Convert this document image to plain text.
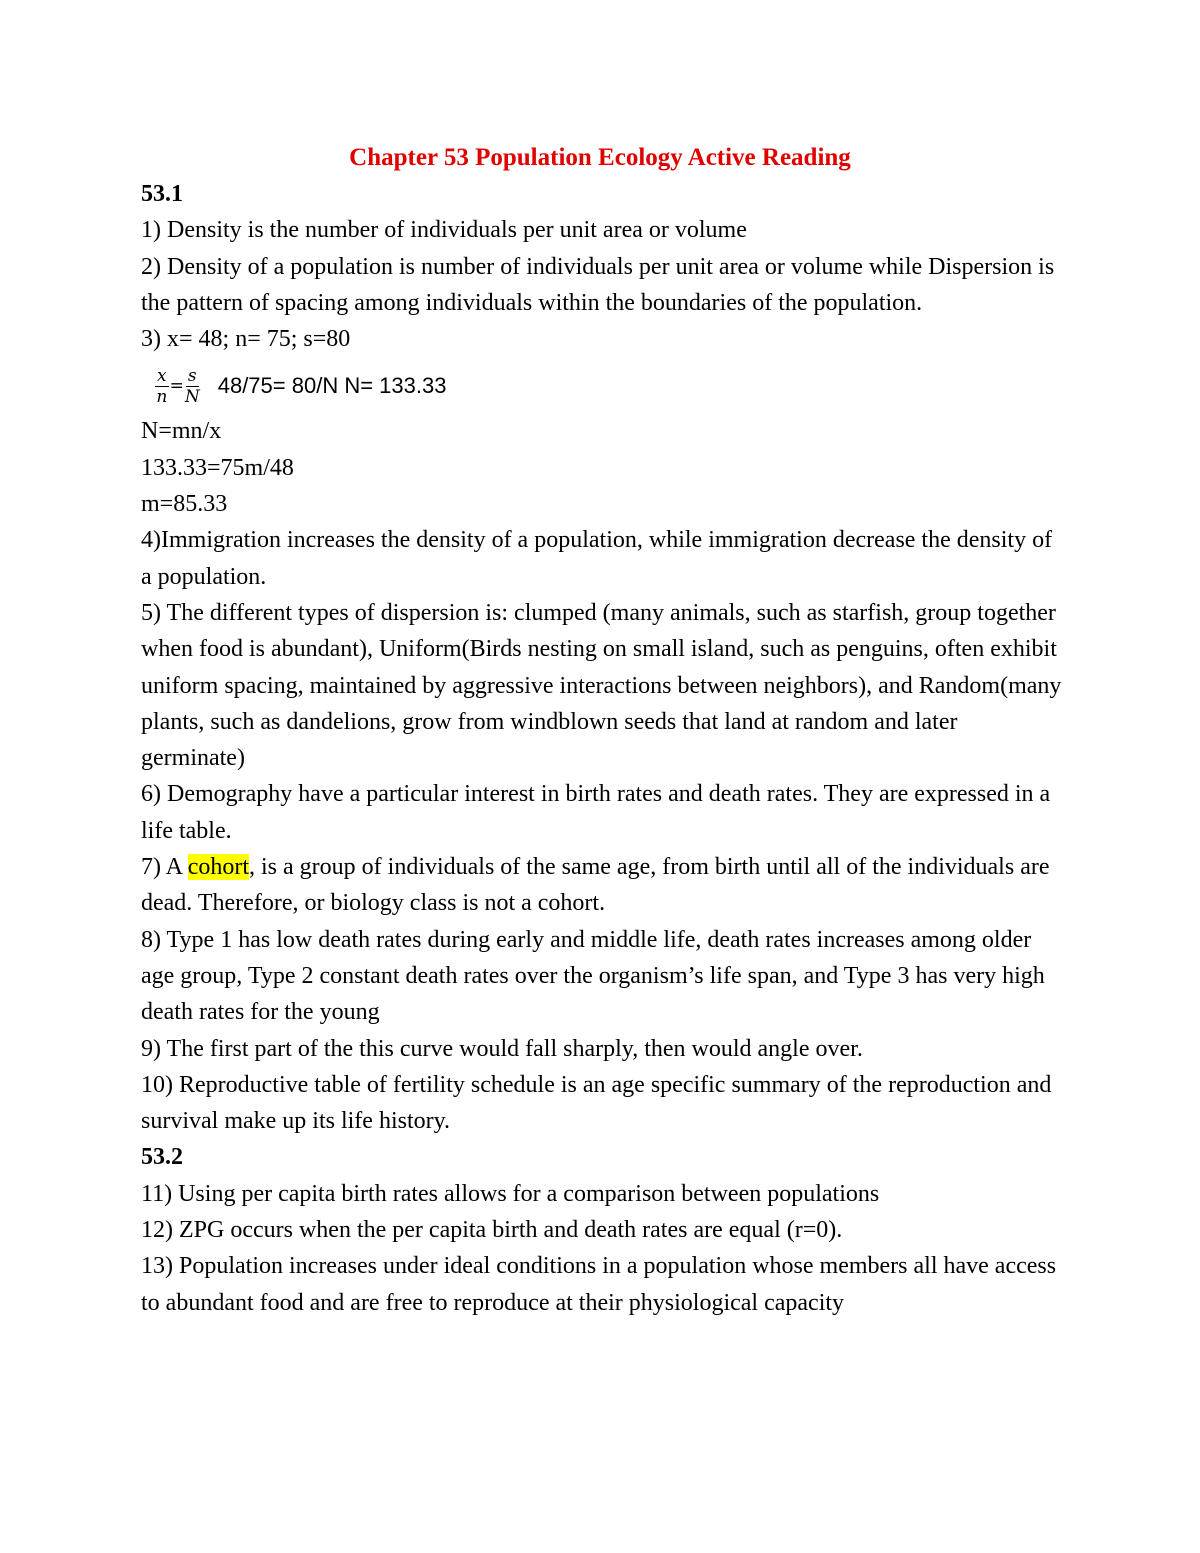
Chapter 53 Population Ecology Active Reading

53.1

1) Density is the number of individuals per unit area or volume

2) Density of a population is number of individuals per unit area or volume while Dispersion is the pattern of spacing among individuals within the boundaries of the population.

3) x= 48; n= 75; s=80

$\frac{x}{n} = \frac{s}{N} 48/75= 80/N$ N= 133.33

N=mn/x

133.33=75m/48

m=85.33

4)Immigration increases the density of a population, while immigration decrease the density of a population.

5) The different types of dispersion is: clumped (many animals, such as starfish, group together when food is abundant), Uniform(Birds nesting on small island, such as penguins, often exhibit uniform spacing, maintained by aggressive interactions between neighbors), and Random(many plants, such as dandelions, grow from windblown seeds that land at random and later germinate)

6) Demography have a particular interest in birth rates and death rates. They are expressed in a life table.

7) A cohort, is a group of individuals of the same age, from birth until all of the individuals are dead. Therefore, or biology class is not a cohort.

8) Type 1 has low death rates during early and middle life, death rates increases among older age group, Type 2 constant death rates over the organism’s life span, and Type 3 has very high death rates for the young

9) The first part of the this curve would fall sharply, then would angle over.

10) Reproductive table of fertility schedule is an age specific summary of the reproduction and survival make up its life history.

53.2

11) Using per capita birth rates allows for a comparison between populations

12) ZPG occurs when the per capita birth and death rates are equal (r=0).

13) Population increases under ideal conditions in a population whose members all have access to abundant food and are free to reproduce at their physiological capacity
